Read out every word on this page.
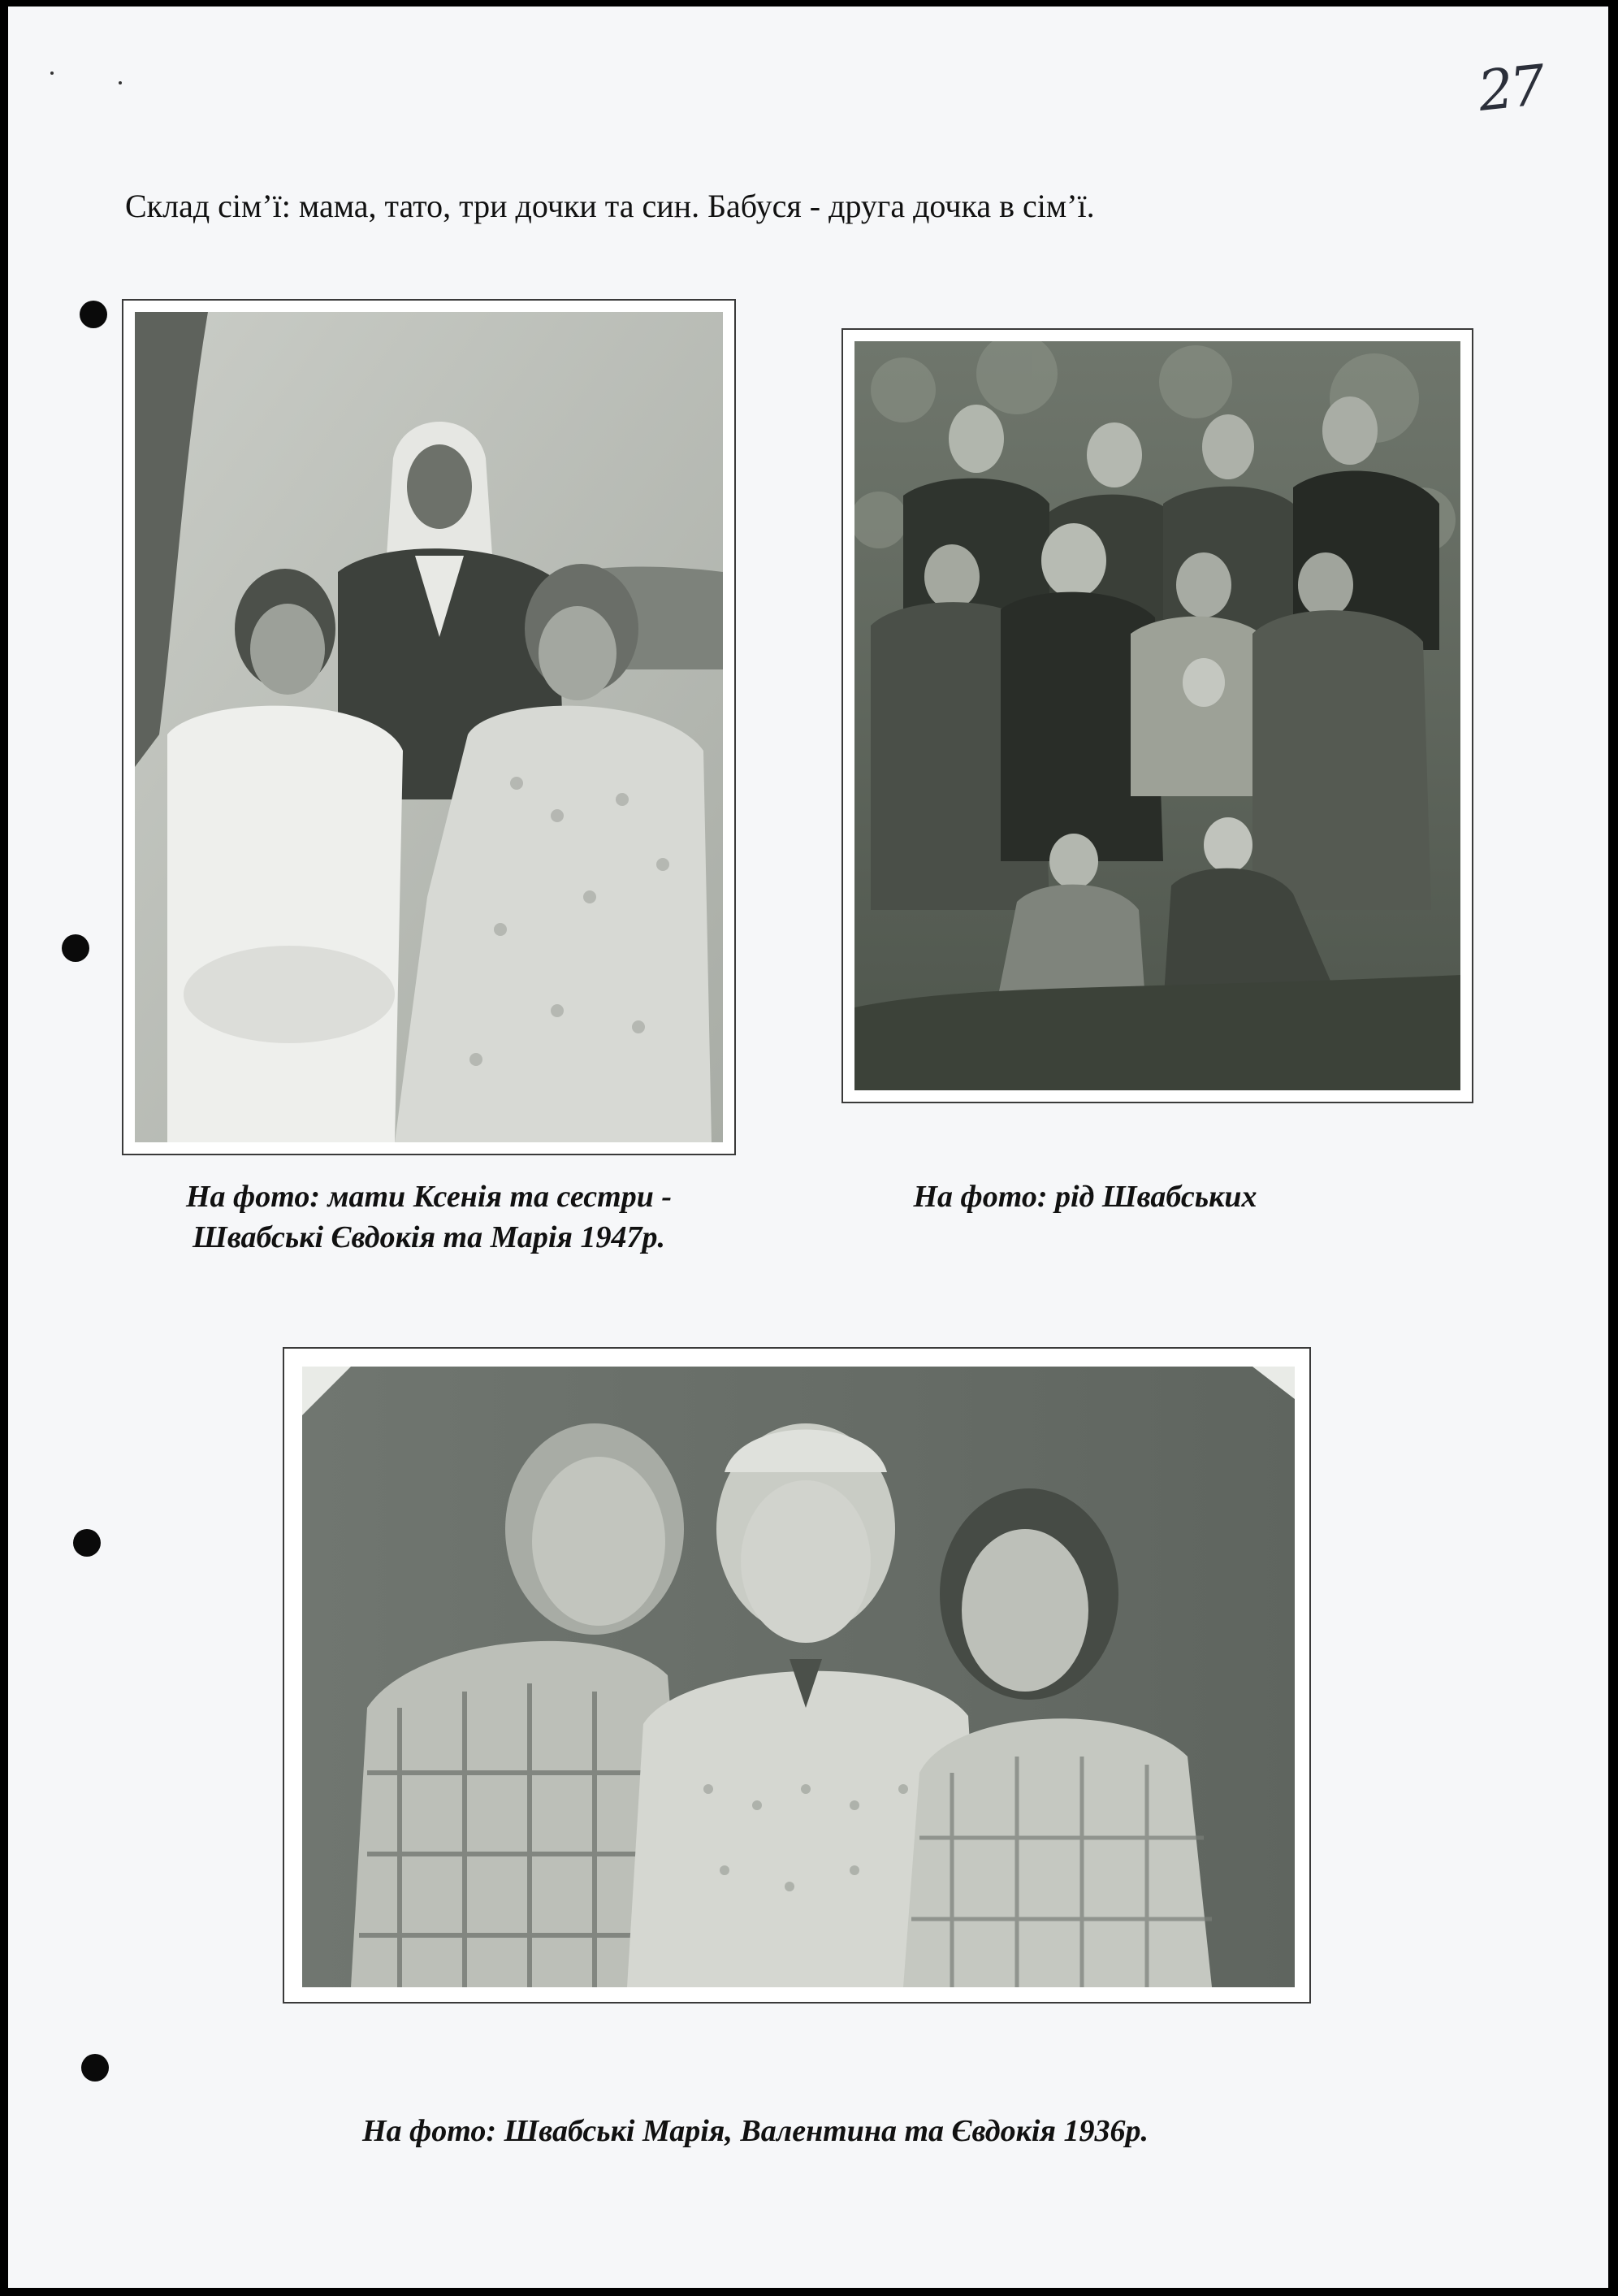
27
Склад сім’ї: мама, тато, три дочки та син. Бабуся - друга дочка в сім’ї.
На фото: мати Ксенія та сестри -
Швабські Євдокія та Марія 1947р.
На фото: рід Швабських
На фото: Швабські Марія, Валентина та Євдокія 1936р.
